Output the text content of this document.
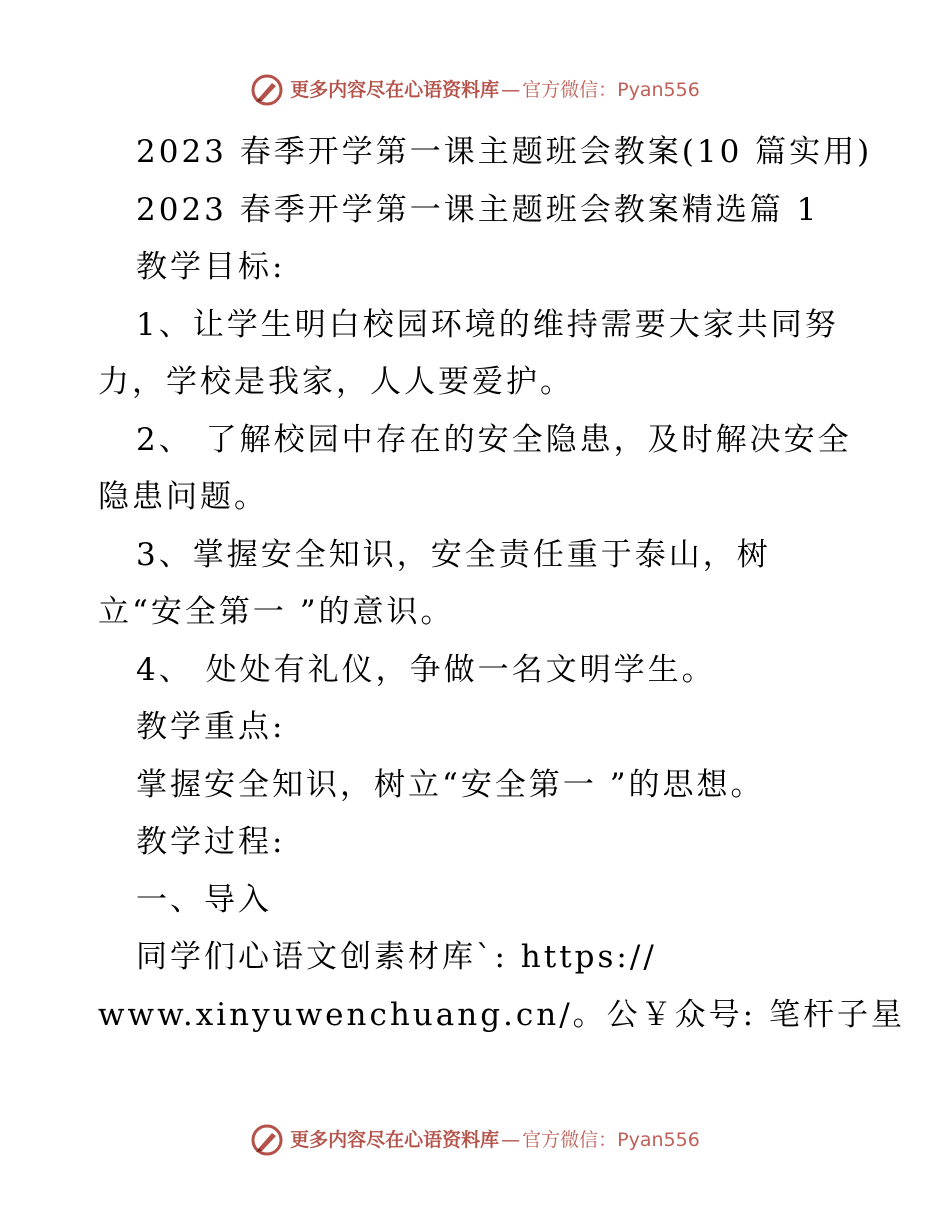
更多内容尽在心语资料库 — 官方微信：Pyan556

2023 春季开学第一课主题班会教案(10 篇实用)

2023 春季开学第一课主题班会教案精选篇 1

教学目标:

1、让学生明白校园环境的维持需要大家共同努

力，学校是我家，人人要爱护。

2、 了解校园中存在的安全隐患，及时解决安全

隐患问题。

3、掌握安全知识，安全责任重于泰山，树

立“安全第一 ”的意识。

4、 处处有礼仪，争做一名文明学生。

教学重点:

掌握安全知识，树立“安全第一 ”的思想。

教学过程:

一、导入

同学们心语文创素材库`: https://

www.xinyuwenchuang.cn/。公￥众号: 笔杆子星

更多内容尽在心语资料库 — 官方微信：Pyan556
